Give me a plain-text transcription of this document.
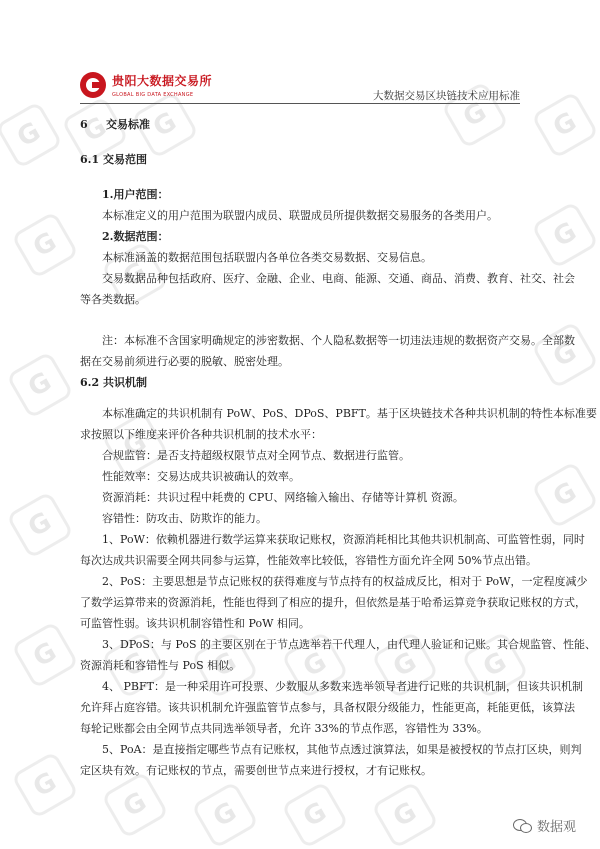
G
G
G
G
G
G
G
G
G
G
G
G
G
G
G
G
G
G
G
G
G
G
G
G
贵阳大数据交易所
GLOBAL BIG DATA EXCHANGE	大数据交易区块链技术应用标准

6 交易标准

6.1 交易范围

1.用户范围：

本标准定义的用户范围为联盟内成员、联盟成员所提供数据交易服务的各类用户。

2.数据范围：

本标准涵盖的数据范围包括联盟内各单位各类交易数据、交易信息。

交易数据品种包括政府、医疗、金融、企业、电商、能源、交通、商品、消费、教育、社交、社会

等各类数据。

注：本标准不含国家明确规定的涉密数据、个人隐私数据等一切违法违规的数据资产交易。全部数

据在交易前须进行必要的脱敏、脱密处理。

6.2 共识机制

本标准确定的共识机制有 PoW、PoS、DPoS、PBFT。基于区块链技术各种共识机制的特性本标准要

求按照以下维度来评价各种共识机制的技术水平：

合规监管：是否支持超级权限节点对全网节点、数据进行监管。

性能效率：交易达成共识被确认的效率。

资源消耗：共识过程中耗费的 CPU、网络输入输出、存储等计算机 资源。

容错性：防攻击、防欺诈的能力。

1、PoW：依赖机器进行数学运算来获取记账权，资源消耗相比其他共识机制高、可监管性弱，同时

每次达成共识需要全网共同参与运算，性能效率比较低，容错性方面允许全网 50%节点出错。

2、PoS：主要思想是节点记账权的获得难度与节点持有的权益成反比，相对于 PoW，一定程度减少

了数学运算带来的资源消耗，性能也得到了相应的提升，但依然是基于哈希运算竞争获取记账权的方式，

可监管性弱。该共识机制容错性和 PoW 相同。

3、DPoS：与 PoS 的主要区别在于节点选举若干代理人，由代理人验证和记账。其合规监管、性能、

资源消耗和容错性与 PoS 相似。

4、 PBFT：是一种采用许可投票、少数服从多数来选举领导者进行记账的共识机制，但该共识机制

允许拜占庭容错。该共识机制允许强监管节点参与，具备权限分级能力，性能更高，耗能更低，该算法

每轮记账都会由全网节点共同选举领导者，允许 33%的节点作恶，容错性为 33%。

5、PoA：是直接指定哪些节点有记账权，其他节点透过演算法，如果是被授权的节点打区块，则判

定区块有效。有记账权的节点，需要创世节点来进行授权，才有记账权。

数据观
